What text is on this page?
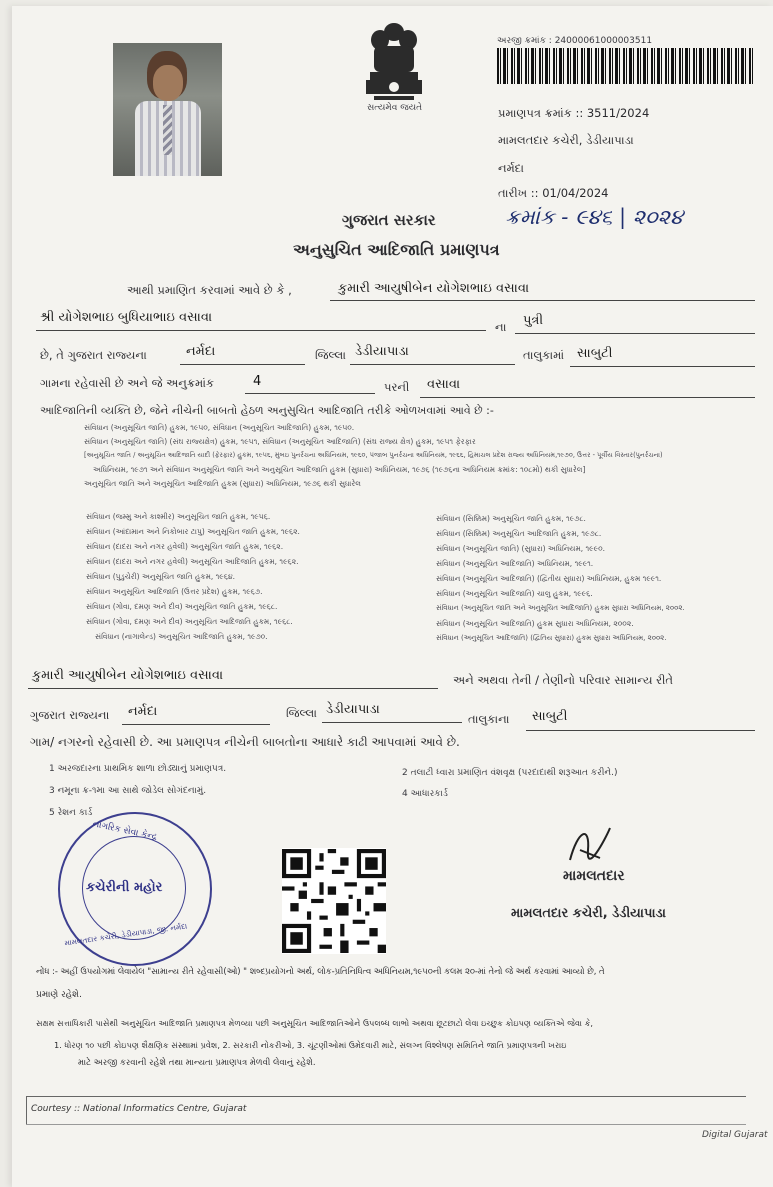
સત્યમેવ જયતે
અરજી ક્રમાંક : 24000061000003511
પ્રમાણપત્ર ક્રમાંક :: 3511/2024
મામલતદાર કચેરી, ડેડીયાપાડા
નર્મદા
તારીખ :: 01/04/2024
ક્રમાંક - ૯૪૬ | ૨૦૨૪
ગુજરાત સરકાર
અનુસુચિત આદિજાતિ પ્રમાણપત્ર
આથી પ્રમાણિત કરવામાં આવે છે કે ,	કુમારી આયુષીબેન યોગેશભાઇ વસાવા
શ્રી યોગેશભાઇ બુધિયાભાઇ વસાવા
ના પુત્રી
છે, તે ગુજરાત રાજ્યના	નર્મદા	જિલ્લા ડેડીયાપાડા	તાલુકામાં સાબુટી
ગામના રહેવાસી છે અને જે અનુક્રમાંક	4	પરની વસાવા
આદિજાતિની વ્યક્તિ છે, જેને નીચેની બાબતો હેઠળ અનુસુચિત આદિજાતિ તરીકે ઓળખવામાં આવે છે :-
સંવિધાન (અનુસૂચિત જાતિ) હુકમ, ૧૯૫૦, સંવિધાન (અનુસૂચિત આદિજાતિ) હુકમ, ૧૯૫૦.
સંવિધાન (અનુસૂચિત જાતિ) (સંઘ રાજ્યક્ષેત્ર) હુકમ, ૧૯૫૧, સંવિધાન (અનુસૂચિત આદિજાતિ) (સંઘ રાજ્ય ક્ષેત્ર) હુકમ, ૧૯૫૧ ફેરફાર
[અનુસૂચિત જાતિ / અનુસૂચિત આદિજાતિ યાદી (ફેરફાર) હુકમ, ૧૯૫૬, મુંબઇ પુનર્રચના અધિનિયમ, ૧૯૬૦, પંજાબ પુનર્રચના અધિનિયમ, ૧૯૬૬, હિમાચલ પ્રદેશ રાજ્ય અધિનિયમ,૧૯૭૦, ઉત્તર - પૂર્વીય વિસ્તાર(પુનર્રચના)
અધિનિયમ, ૧૯૭૧ અને સંવિધાન અનુસૂચિત જાતિ અને અનુસૂચિત આદિજાતિ હુકમ (સુધારા) અધિનિયમ, ૧૯૭૬ (૧૯૭૬ના અધિનિયમ ક્રમાંક: ૧૦૮મો) થકી સુધારેલ]
અનુસૂચિત જાતિ અને અનુસૂચિત આદિજાતિ હુકમ (સુધારા) અધિનિયમ, ૧૯૭૬ થકી સુધારેલ
સંવિધાન (જમ્મુ અને કાશ્મીર) અનુસૂચિત જાતિ હુકમ, ૧૯૫૬.
સંવિધાન (આંદામાન અને નિકોબાર ટાપુ) અનુસૂચિત જાતિ હુકમ, ૧૯૬૨.
સંવિધાન (દાદરા અને નગર હવેલી) અનુસૂચિત જાતિ હુકમ, ૧૯૬૨.
સંવિધાન (દાદરા અને નગર હવેલી) અનુસૂચિત આદિજાતિ હુકમ, ૧૯૬૨.
સંવિધાન (પુડુચેરી) અનુસૂચિત જાતિ હુકમ, ૧૯૬૪.
સંવિધાન અનુસૂચિત આદિજાતિ (ઉત્તર પ્રદેશ) હુકમ, ૧૯૬૭.
સંવિધાન (ગોવા, દમણ અને દીવ) અનુસૂચિત જાતિ હુકમ, ૧૯૬૮.
સંવિધાન (ગોવા, દમણ અને દીવ) અનુસૂચિત આદિજાતિ હુકમ, ૧૯૬૮.
સંવિધાન (નાગાલેન્ડ) અનુસૂચિત આદિજાતિ હુકમ, ૧૯૭૦.
સંવિધાન (સિક્કિમ) અનુસૂચિત જાતિ હુકમ, ૧૯૭૮.
સંવિધાન (સિક્કિમ) અનુસૂચિત આદિજાતિ હુકમ, ૧૯૭૮.
સંવિધાન (અનુસૂચિત જાતિ) (સુધારા) અધિનિયમ, ૧૯૯૦.
સંવિધાન (અનુસૂચિત આદિજાતિ) અધિનિયમ, ૧૯૯૧.
સંવિધાન (અનુસૂચિત આદિજાતિ) (દ્વિતીય સુધારા) અધિનિયમ, હુકમ ૧૯૯૧.
સંવિધાન (અનુસૂચિત આદિજાતિ) ચાલુ હુકમ, ૧૯૯૬.
સંવિધાન (અનુસૂચિત જાતિ અને અનુસૂચિત આદિજાતિ) હુકમ સુધારા અધિનિયમ, ૨૦૦૨.
સંવિધાન (અનુસૂચિત આદિજાતિ) હુકમ સુધારા અધિનિયમ, ૨૦૦૨.
સંવિધાન (અનુસૂચિત આદિજાતિ) (દ્વિતિય સુધારા) હુકમ સુધારા અધિનિયમ, ૨૦૦૨.
કુમારી આયુષીબેન યોગેશભાઇ વસાવા	અને અથવા તેની / તેણીનો પરિવાર સામાન્ય રીતે
ગુજરાત રાજ્યના નર્મદા	જિલ્લા ડેડીયાપાડા
તાલુકાના સાબુટી
ગામ/ નગરનો રહેવાસી છે. આ પ્રમાણપત્ર નીચેની બાબતોના આધારે કાઢી આપવામાં આવે છે.
1 અરજદારના પ્રાથમિક શાળા છોડ્યાનું પ્રમાણપત્ર.	2 તલાટી ધ્વારા પ્રમાણિત વંશવૃક્ષ (પરદાદાથી શરૂઆત કરીને.)
3 નમૂના ક્ર-૧મા આ સાથે જોડેલ સોગંદનામું.	4 આધારકાર્ડ
5 રેશન કાર્ડ
નાગરિક સેવા કેન્દ્ર
કચેરીની મહોર
મામલતદાર કચેરી, ડેડીયાપાડા, જી. નર્મદા
મામલતદાર
મામલતદાર કચેરી, ડેડીયાપાડા
નોંધ :- અહીં ઉપયોગમાં લેવાયેલ "સામાન્ય રીતે રહેવાસી(ઓ) " શબ્દપ્રયોગનો અર્થ, લોક-પ્રતિનિધિત્વ અધિનિયમ,૧૯૫૦ની કલમ ૨૦-માં તેનો જે અર્થ કરવામાં આવ્યો છે, તે
પ્રમાણે રહેશે.
સક્ષમ સત્તાધિકારી પાસેથી અનુસૂચિત આદિજાતિ પ્રમાણપત્ર મેળવ્યા પછી અનુસૂચિત આદિજાતિઓને ઉપલબ્ધ લાભો અથવા છૂટછાટો લેવા ઇચ્છુક કોઇપણ વ્યક્તિએ જેવા કે,
1. ધોરણ ૧૦ પછી કોઇપણ શૈક્ષણિક સંસ્થામાં પ્રવેશ, 2. સરકારી નોકરીઓ, 3. ચૂંટણીઓમાં ઉમેદવારી માટે, સંલગ્ન વિશ્લેષણ સમિતિને જાતિ પ્રમાણપત્રની ખરાઇ
માટે અરજી કરવાની રહેશે તથા માન્યતા પ્રમાણપત્ર મેળવી લેવાનું રહેશે.
Courtesy :: National Informatics Centre, Gujarat
Digital Gujarat
